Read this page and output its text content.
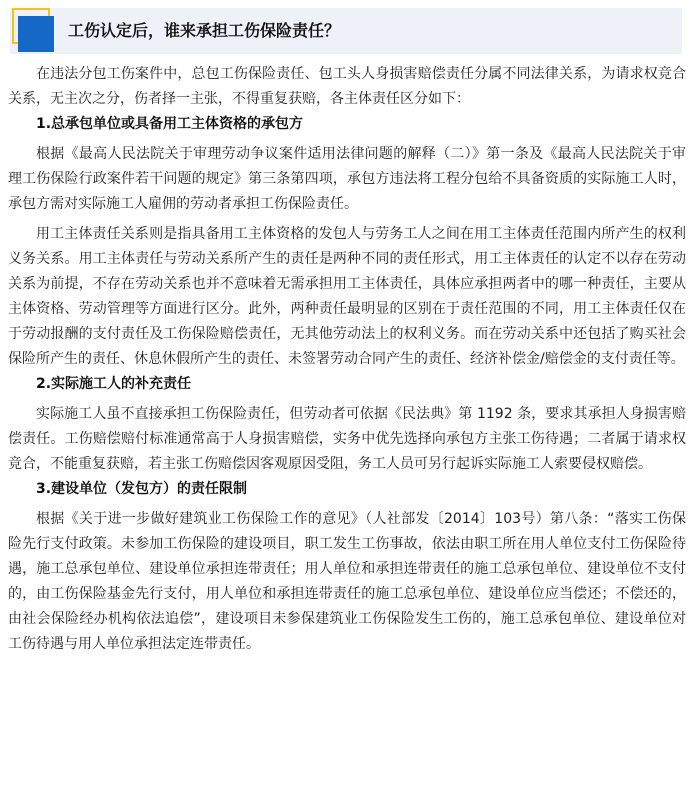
工伤认定后，谁来承担工伤保险责任？

在违法分包工伤案件中，总包工伤保险责任、包工头人身损害赔偿责任分属不同法律关系，为请求权竞合关系，无主次之分，伤者择一主张，不得重复获赔，各主体责任区分如下：

1.总承包单位或具备用工主体资格的承包方

根据《最高人民法院关于审理劳动争议案件适用法律问题的解释（二）》第一条及《最高人民法院关于审理工伤保险行政案件若干问题的规定》第三条第四项，承包方违法将工程分包给不具备资质的实际施工人时，承包方需对实际施工人雇佣的劳动者承担工伤保险责任。

用工主体责任关系则是指具备用工主体资格的发包人与劳务工人之间在用工主体责任范围内所产生的权利义务关系。用工主体责任与劳动关系所产生的责任是两种不同的责任形式，用工主体责任的认定不以存在劳动关系为前提，不存在劳动关系也并不意味着无需承担用工主体责任，具体应承担两者中的哪一种责任，主要从主体资格、劳动管理等方面进行区分。此外，两种责任最明显的区别在于责任范围的不同，用工主体责任仅在于劳动报酬的支付责任及工伤保险赔偿责任，无其他劳动法上的权利义务。而在劳动关系中还包括了购买社会保险所产生的责任、休息休假所产生的责任、未签署劳动合同产生的责任、经济补偿金/赔偿金的支付责任等。

2.实际施工人的补充责任

实际施工人虽不直接承担工伤保险责任，但劳动者可依据《民法典》第 1192 条，要求其承担人身损害赔偿责任。工伤赔偿赔付标准通常高于人身损害赔偿，实务中优先选择向承包方主张工伤待遇；二者属于请求权竞合，不能重复获赔，若主张工伤赔偿因客观原因受阻，务工人员可另行起诉实际施工人索要侵权赔偿。

3.建设单位（发包方）的责任限制

根据《关于进一步做好建筑业工伤保险工作的意见》（人社部发〔2014〕103号）第八条：“落实工伤保险先行支付政策。未参加工伤保险的建设项目，职工发生工伤事故，依法由职工所在用人单位支付工伤保险待遇，施工总承包单位、建设单位承担连带责任；用人单位和承担连带责任的施工总承包单位、建设单位不支付的，由工伤保险基金先行支付，用人单位和承担连带责任的施工总承包单位、建设单位应当偿还；不偿还的，由社会保险经办机构依法追偿”，建设项目未参保建筑业工伤保险发生工伤的，施工总承包单位、建设单位对工伤待遇与用人单位承担法定连带责任。
